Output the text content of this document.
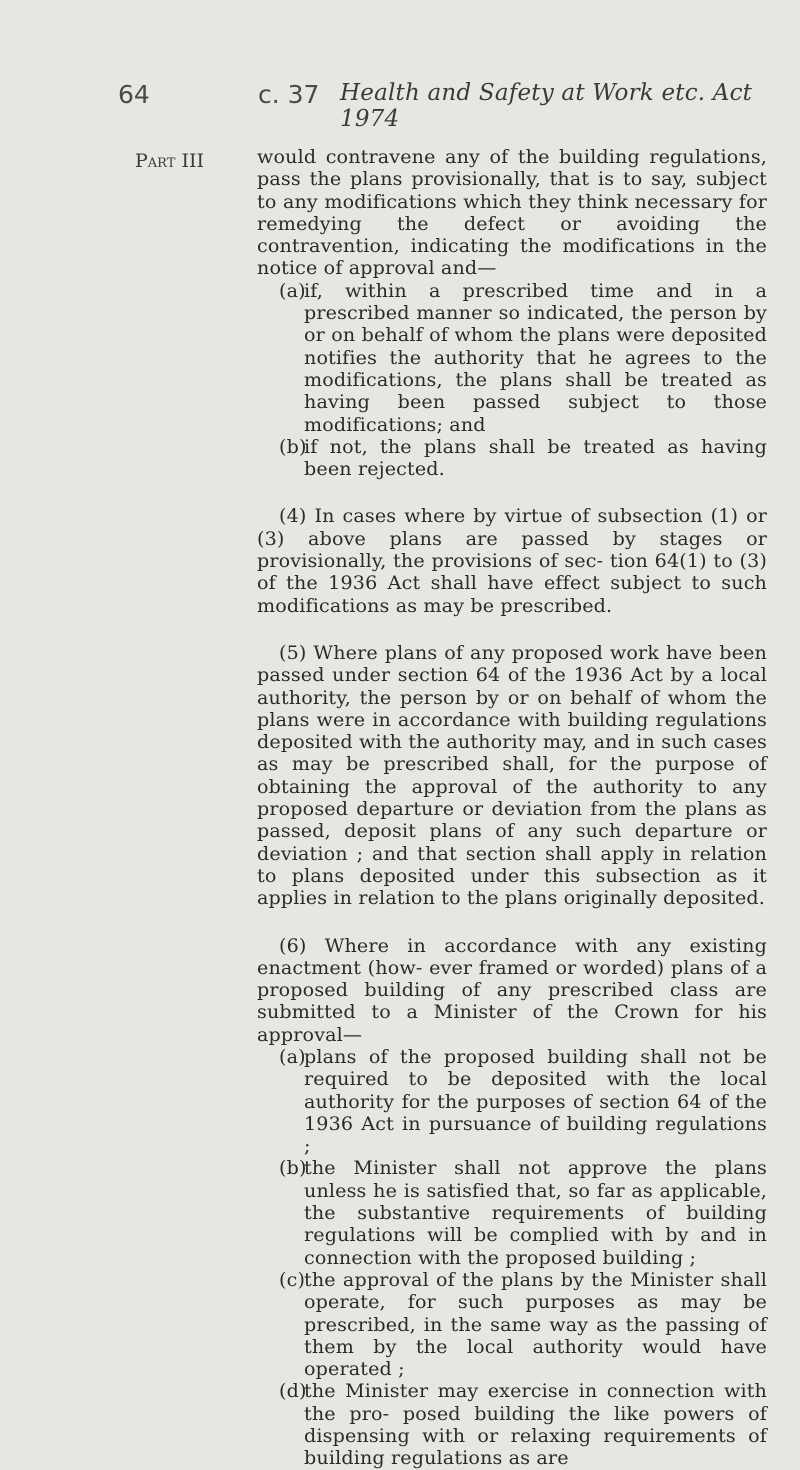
64	c. 37 Health and Safety at Work etc. Act 1974
Part III	would contravene any of the building regulations, pass the plans provisionally, that is to say, subject to any modifications which they think necessary for remedying the defect or avoiding the contravention, indicating the modifications in the notice of approval and—

(a)
if, within a prescribed time and in a prescribed manner so indicated, the person by or on behalf of whom the plans were deposited notifies the authority that he agrees to the modifications, the plans shall be treated as having been passed subject to those modifications; and
(b)
if not, the plans shall be treated as having been rejected.

(4) In cases where by virtue of subsection (1) or (3) above plans are passed by stages or provisionally, the provisions of sec- tion 64(1) to (3) of the 1936 Act shall have effect subject to such modifications as may be prescribed.

(5) Where plans of any proposed work have been passed under section 64 of the 1936 Act by a local authority, the person by or on behalf of whom the plans were in accordance with building regulations deposited with the authority may, and in such cases as may be prescribed shall, for the purpose of obtaining the approval of the authority to any proposed departure or deviation from the plans as passed, deposit plans of any such departure or deviation ; and that section shall apply in relation to plans deposited under this subsection as it applies in relation to the plans originally deposited.

(6) Where in accordance with any existing enactment (how- ever framed or worded) plans of a proposed building of any prescribed class are submitted to a Minister of the Crown for his approval—

(a)
plans of the proposed building shall not be required to be deposited with the local authority for the purposes of section 64 of the 1936 Act in pursuance of building regulations ;
(b)
the Minister shall not approve the plans unless he is satisfied that, so far as applicable, the substantive requirements of building regulations will be complied with by and in connection with the proposed building ;
(c)
the approval of the plans by the Minister shall operate, for such purposes as may be prescribed, in the same way as the passing of them by the local authority would have operated ;
(d)
the Minister may exercise in connection with the pro- posed building the like powers of dispensing with or relaxing requirements of building regulations as are
